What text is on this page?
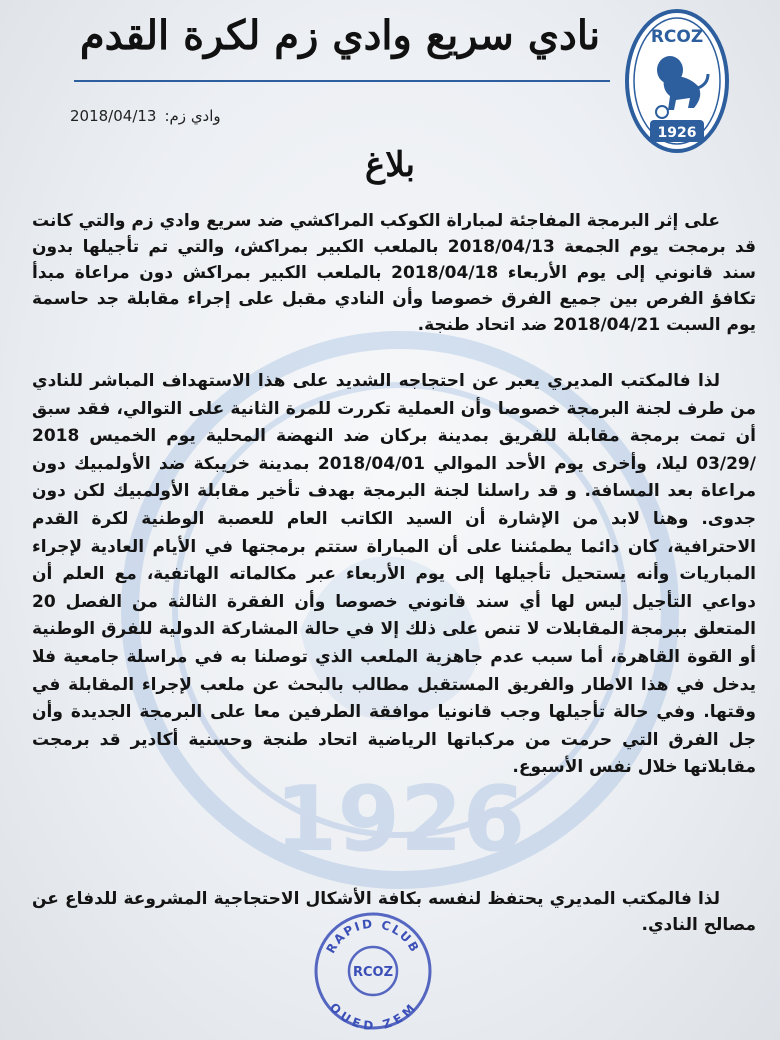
1926
نادي سريع وادي زم لكرة القدم	RCOZ
1926
وادي زم:2018/04/13
بلاغ
على إثر البرمجة المفاجئة لمباراة الكوكب المراكشي ضد سريع وادي زم والتي كانت قد برمجت يوم الجمعة 2018/04/13 بالملعب الكبير بمراكش، والتي تم تأجيلها بدون سند قانوني إلى يوم الأربعاء 2018/04/18 بالملعب الكبير بمراكش دون مراعاة مبدأ تكافؤ الفرص بين جميع الفرق خصوصا وأن النادي مقبل على إجراء مقابلة جد حاسمة يوم السبت 2018/04/21 ضد اتحاد طنجة.
لذا فالمكتب المديري يعبر عن احتجاجه الشديد على هذا الاستهداف المباشر للنادي من طرف لجنة البرمجة خصوصا وأن العملية تكررت للمرة الثانية على التوالي، فقد سبق أن تمت برمجة مقابلة للفريق بمدينة بركان ضد النهضة المحلية يوم الخميس 2018 /03/29 ليلا، وأخرى يوم الأحد الموالي 2018/04/01 بمدينة خريبكة ضد الأولمبيك دون مراعاة بعد المسافة. و قد راسلنا لجنة البرمجة بهدف تأخير مقابلة الأولمبيك لكن دون جدوى. وهنا لابد من الإشارة أن السيد الكاتب العام للعصبة الوطنية لكرة القدم الاحترافية، كان دائما يطمئننا على أن المباراة ستتم برمجتها في الأيام العادية لإجراء المباريات وأنه يستحيل تأجيلها إلى يوم الأربعاء عبر مكالماته الهاتفية، مع العلم أن دواعي التأجيل ليس لها أي سند قانوني خصوصا وأن الفقرة الثالثة من الفصل 20 المتعلق ببرمجة المقابلات لا تنص على ذلك إلا في حالة المشاركة الدولية للفرق الوطنية أو القوة القاهرة، أما سبب عدم جاهزية الملعب الذي توصلنا به في مراسلة جامعية فلا يدخل في هذا الاطار والفريق المستقبل مطالب بالبحث عن ملعب لإجراء المقابلة في وقتها. وفي حالة تأجيلها وجب قانونيا موافقة الطرفين معا على البرمجة الجديدة وأن جل الفرق التي حرمت من مركباتها الرياضية اتحاد طنجة وحسنية أكادير قد برمجت مقابلاتها خلال نفس الأسبوع.
لذا فالمكتب المديري يحتفظ لنفسه بكافة الأشكال الاحتجاجية المشروعة للدفاع عن مصالح النادي.
RAPID CLUB
RCOZ
OUED ZEM
